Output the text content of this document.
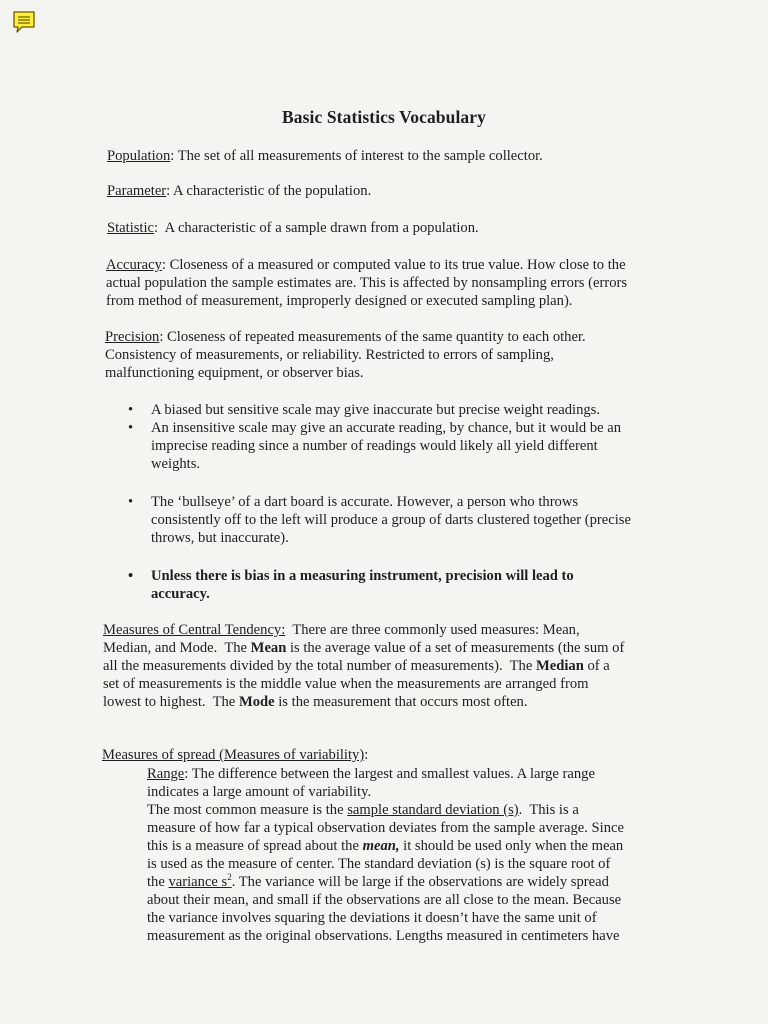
Basic Statistics Vocabulary

Population: The set of all measurements of interest to the sample collector.

Parameter: A characteristic of the population.

Statistic:  A characteristic of a sample drawn from a population.

Accuracy: Closeness of a measured or computed value to its true value. How close to the
actual population the sample estimates are. This is affected by nonsampling errors (errors
from method of measurement, improperly designed or executed sampling plan).

Precision: Closeness of repeated measurements of the same quantity to each other.
Consistency of measurements, or reliability. Restricted to errors of sampling,
malfunctioning equipment, or observer bias.

• A biased but sensitive scale may give inaccurate but precise weight readings.
• An insensitive scale may give an accurate reading, by chance, but it would be an
imprecise reading since a number of readings would likely all yield different
weights.
• The ‘bullseye’ of a dart board is accurate. However, a person who throws
consistently off to the left will produce a group of darts clustered together (precise
throws, but inaccurate).
• Unless there is bias in a measuring instrument, precision will lead to
accuracy.

Measures of Central Tendency:  There are three commonly used measures: Mean,
Median, and Mode.  The Mean is the average value of a set of measurements (the sum of
all the measurements divided by the total number of measurements).  The Median of a
set of measurements is the middle value when the measurements are arranged from
lowest to highest.  The Mode is the measurement that occurs most often.

Measures of spread (Measures of variability):

Range: The difference between the largest and smallest values. A large range
indicates a large amount of variability.
The most common measure is the sample standard deviation (s).  This is a
measure of how far a typical observation deviates from the sample average. Since
this is a measure of spread about the mean, it should be used only when the mean
is used as the measure of center. The standard deviation (s) is the square root of
the variance $s^2$. The variance will be large if the observations are widely spread
about their mean, and small if the observations are all close to the mean. Because
the variance involves squaring the deviations it doesn’t have the same unit of
measurement as the original observations. Lengths measured in centimeters have
